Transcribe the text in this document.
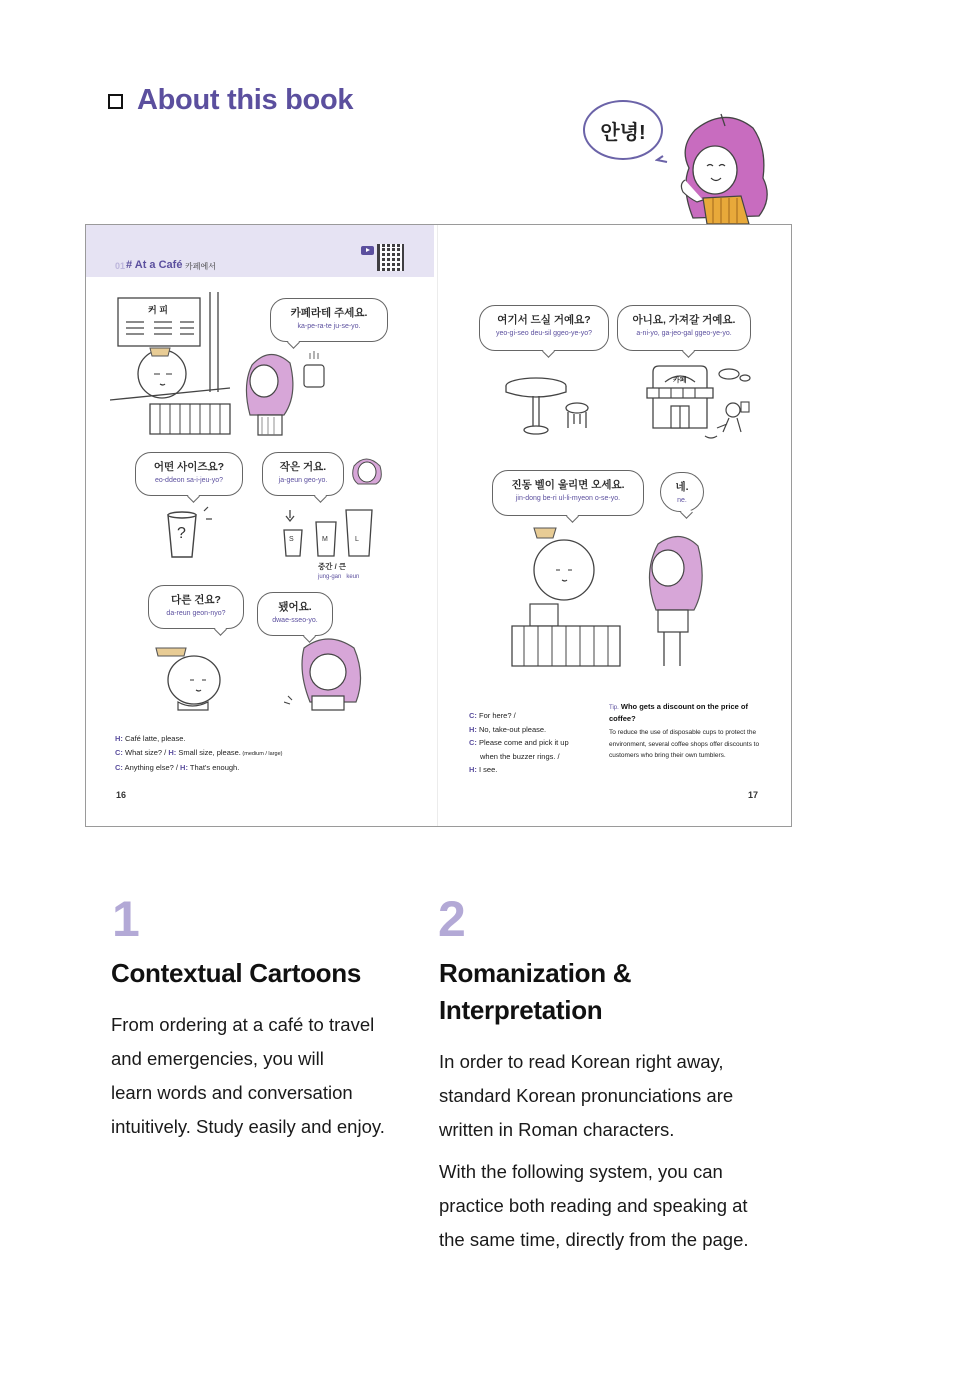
About this book
안녕!
01 # At a Café 카페에서
커 피	카페라테 주세요.
ka-pe-ra-te ju-se-yo.
어떤 사이즈요?
eo-ddeon sa-i-jeu-yo?
작은 거요.
ja-geun geo-yo.
?	S	M	L
중간 / 큰
jung-gan   keun
다른 건요?
da-reun geon-nyo?
됐어요.
dwae-sseo-yo.
H: Café latte, please.
C: What size? / H: Small size, please. (medium / large)
C: Anything else? / H: That's enough.
16
여기서 드실 거예요?
yeo-gi-seo deu-sil ggeo-ye-yo?
아니요, 가져갈 거예요.
a-ni-yo, ga-jeo-gal ggeo-ye-yo.
카페
진동 벨이 울리면 오세요.
jin-dong be-ri ul-li-myeon o-se-yo.
네.
ne.
C: For here? /
H: No, take-out please.
C: Please come and pick it up
when the buzzer rings. /
H: I see.
Tip. Who gets a discount on the price of coffee?
To reduce the use of disposable cups to protect the environment, several coffee shops offer discounts to customers who bring their own tumblers.
17
1
Contextual Cartoons
From ordering at a café to travel
and emergencies, you will
learn words and conversation
intuitively. Study easily and enjoy.
2
Romanization &
Interpretation
In order to read Korean right away,
standard Korean pronunciations are
written in Roman characters.
With the following system, you can
practice both reading and speaking at
the same time, directly from the page.
